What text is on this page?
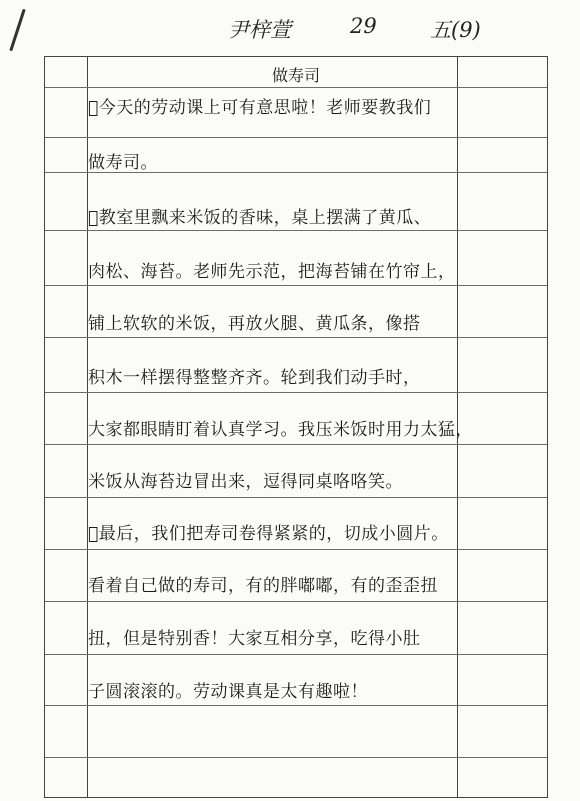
尹梓萱	29	五(9)
做寿司
􀀀今天的劳动课上可有意思啦！老师要教我们
做寿司。
􀀀教室里飘来米饭的香味，桌上摆满了黄瓜、
肉松、海苔。老师先示范，把海苔铺在竹帘上，
铺上软软的米饭，再放火腿、黄瓜条，像搭
积木一样摆得整整齐齐。轮到我们动手时，
大家都眼睛盯着认真学习。我压米饭时用力太猛，
米饭从海苔边冒出来，逗得同桌咯咯笑。
􀀀最后，我们把寿司卷得紧紧的，切成小圆片。
看着自己做的寿司，有的胖嘟嘟，有的歪歪扭
扭，但是特别香！大家互相分享，吃得小肚
子圆滚滚的。劳动课真是太有趣啦！
